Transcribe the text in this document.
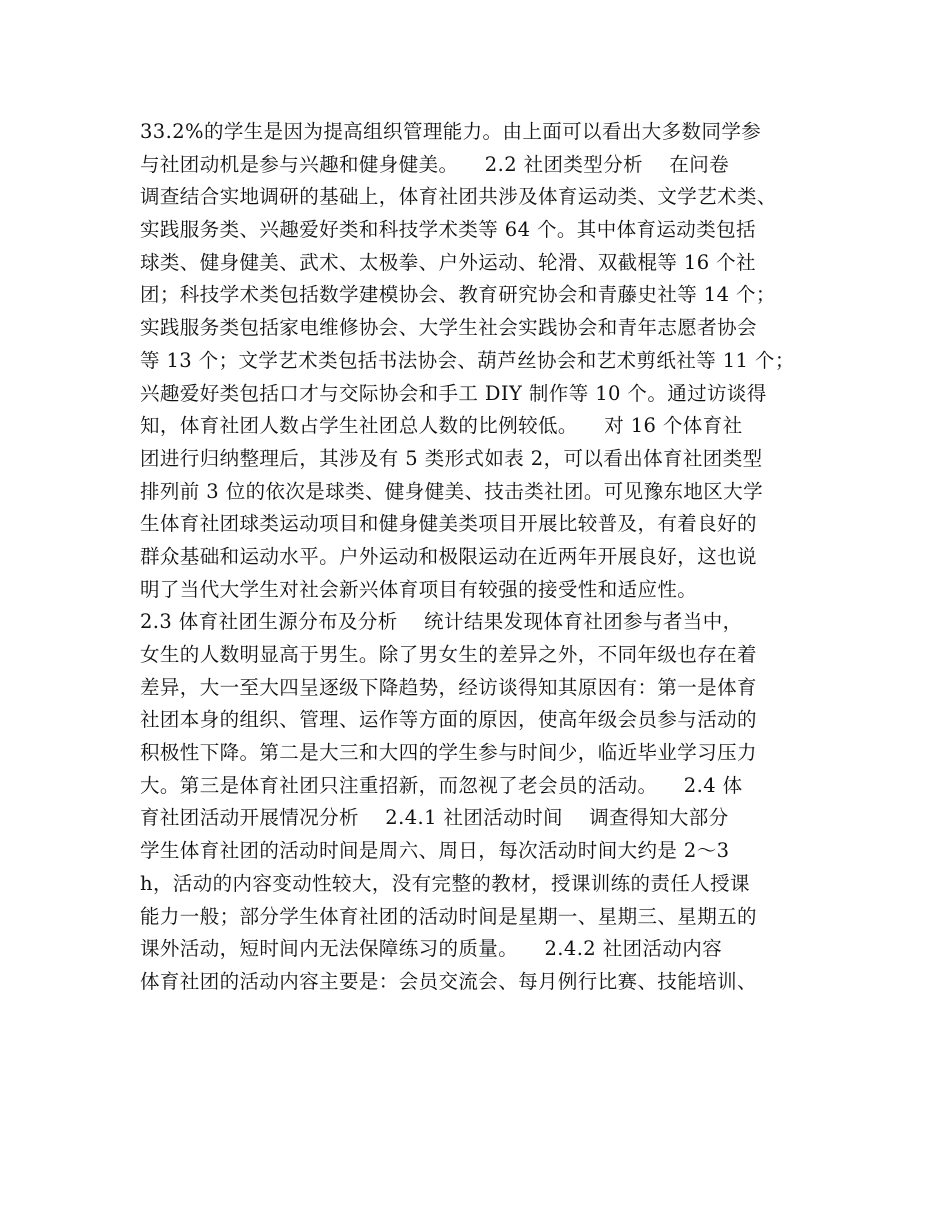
33.2%的学生是因为提高组织管理能力。由上面可以看出大多数同学参
与社团动机是参与兴趣和健身健美。    2.2 社团类型分析    在问卷
调查结合实地调研的基础上，体育社团共涉及体育运动类、文学艺术类、
实践服务类、兴趣爱好类和科技学术类等 64 个。其中体育运动类包括
球类、健身健美、武术、太极拳、户外运动、轮滑、双截棍等 16 个社
团；科技学术类包括数学建模协会、教育研究协会和青藤史社等 14 个；
实践服务类包括家电维修协会、大学生社会实践协会和青年志愿者协会
等 13 个；文学艺术类包括书法协会、葫芦丝协会和艺术剪纸社等 11 个；
兴趣爱好类包括口才与交际协会和手工 DIY 制作等 10 个。通过访谈得
知，体育社团人数占学生社团总人数的比例较低。    对 16 个体育社
团进行归纳整理后，其涉及有 5 类形式如表 2，可以看出体育社团类型
排列前 3 位的依次是球类、健身健美、技击类社团。可见豫东地区大学
生体育社团球类运动项目和健身健美类项目开展比较普及，有着良好的
群众基础和运动水平。户外运动和极限运动在近两年开展良好，这也说
明了当代大学生对社会新兴体育项目有较强的接受性和适应性。
2.3 体育社团生源分布及分析    统计结果发现体育社团参与者当中，
女生的人数明显高于男生。除了男女生的差异之外，不同年级也存在着
差异，大一至大四呈逐级下降趋势，经访谈得知其原因有：第一是体育
社团本身的组织、管理、运作等方面的原因，使高年级会员参与活动的
积极性下降。第二是大三和大四的学生参与时间少，临近毕业学习压力
大。第三是体育社团只注重招新，而忽视了老会员的活动。    2.4 体
育社团活动开展情况分析    2.4.1 社团活动时间    调查得知大部分
学生体育社团的活动时间是周六、周日，每次活动时间大约是 2～3
h，活动的内容变动性较大，没有完整的教材，授课训练的责任人授课
能力一般；部分学生体育社团的活动时间是星期一、星期三、星期五的
课外活动，短时间内无法保障练习的质量。    2.4.2 社团活动内容
体育社团的活动内容主要是：会员交流会、每月例行比赛、技能培训、
